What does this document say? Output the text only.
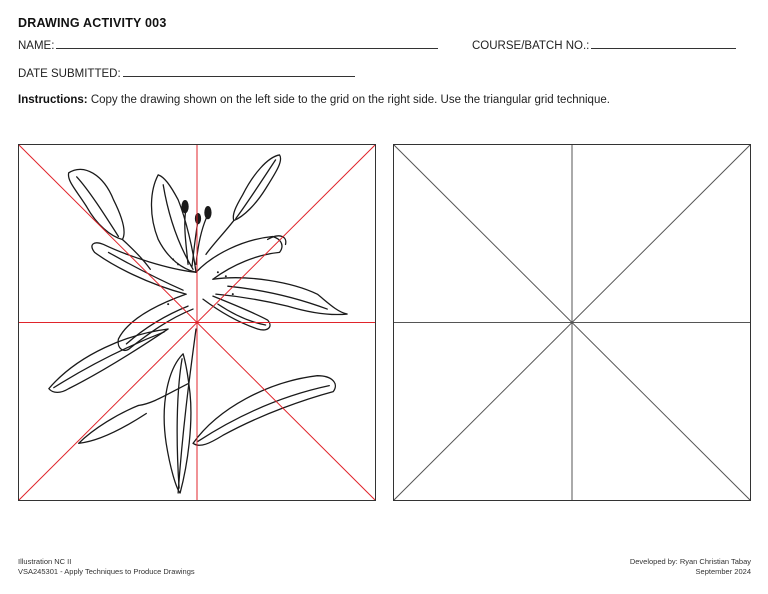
DRAWING ACTIVITY 003
NAME:	COURSE/BATCH NO.:
DATE SUBMITTED:
Instructions: Copy the drawing shown on the left side to the grid on the right side. Use the triangular grid technique.
Illustration NC II
VSA245301 - Apply Techniques to Produce Drawings
Developed by: Ryan Christian Tabay
September 2024
